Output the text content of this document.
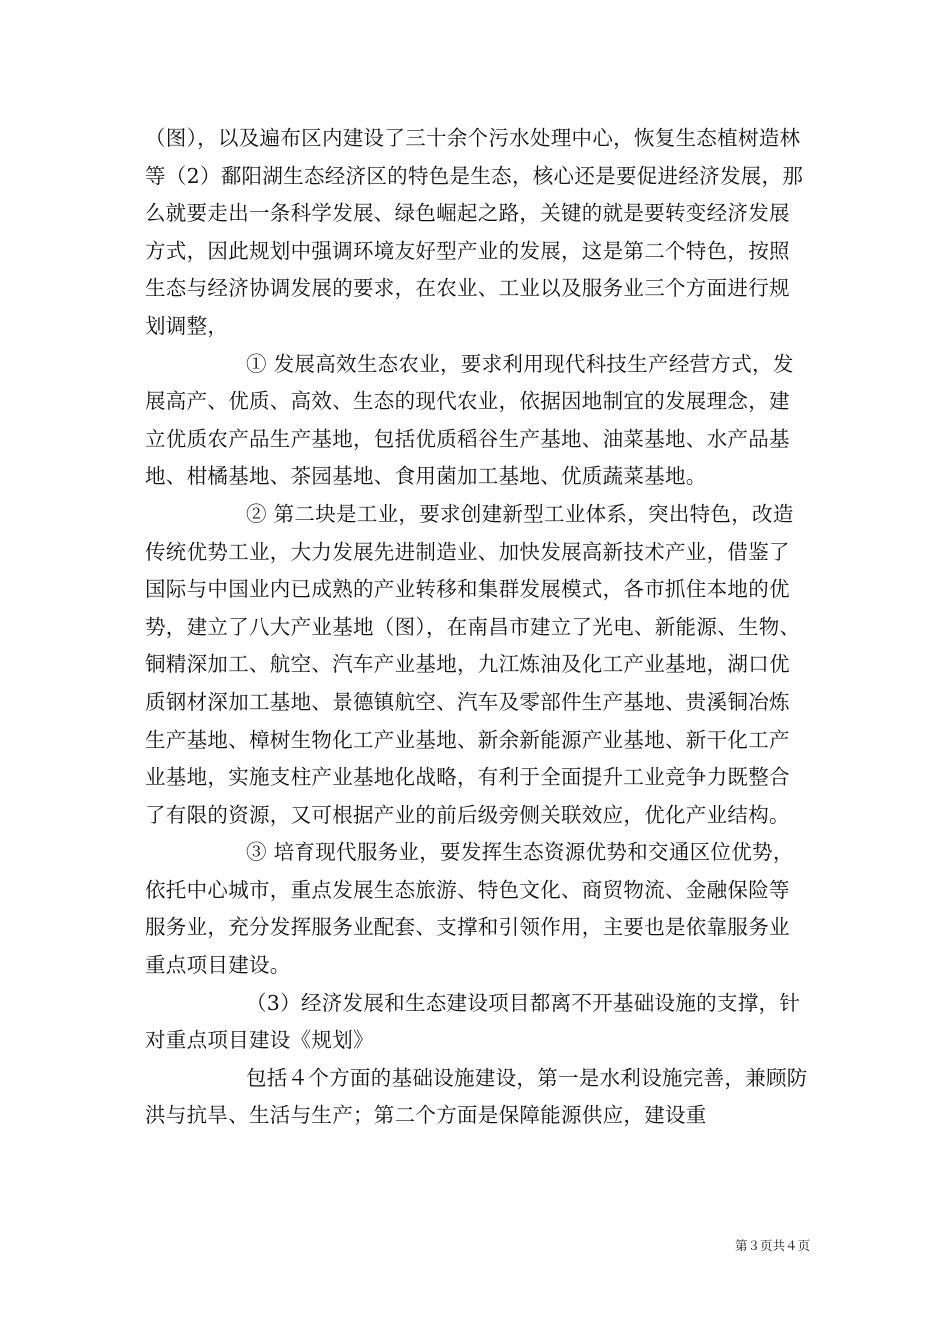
（图），以及遍布区内建设了三十余个污水处理中心，恢复生态植树造林等（2）鄱阳湖生态经济区的特色是生态，核心还是要促进经济发展，那么就要走出一条科学发展、绿色崛起之路，关键的就是要转变经济发展方式，因此规划中强调环境友好型产业的发展，这是第二个特色，按照生态与经济协调发展的要求，在农业、工业以及服务业三个方面进行规划调整，

① 发展高效生态农业，要求利用现代科技生产经营方式，发展高产、优质、高效、生态的现代农业，依据因地制宜的发展理念，建立优质农产品生产基地，包括优质稻谷生产基地、油菜基地、水产品基地、柑橘基地、茶园基地、食用菌加工基地、优质蔬菜基地。

② 第二块是工业，要求创建新型工业体系，突出特色，改造传统优势工业，大力发展先进制造业、加快发展高新技术产业，借鉴了国际与中国业内已成熟的产业转移和集群发展模式，各市抓住本地的优势，建立了八大产业基地（图），在南昌市建立了光电、新能源、生物、铜精深加工、航空、汽车产业基地，九江炼油及化工产业基地，湖口优质钢材深加工基地、景德镇航空、汽车及零部件生产基地、贵溪铜冶炼生产基地、樟树生物化工产业基地、新余新能源产业基地、新干化工产业基地，实施支柱产业基地化战略，有利于全面提升工业竞争力既整合了有限的资源，又可根据产业的前后级旁侧关联效应，优化产业结构。

③ 培育现代服务业，要发挥生态资源优势和交通区位优势，依托中心城市，重点发展生态旅游、特色文化、商贸物流、金融保险等服务业，充分发挥服务业配套、支撑和引领作用，主要也是依靠服务业重点项目建设。

（3）经济发展和生态建设项目都离不开基础设施的支撑，针对重点项目建设《规划》

包括４个方面的基础设施建设，第一是水利设施完善，兼顾防洪与抗旱、生活与生产；第二个方面是保障能源供应，建设重

第３页共４页
